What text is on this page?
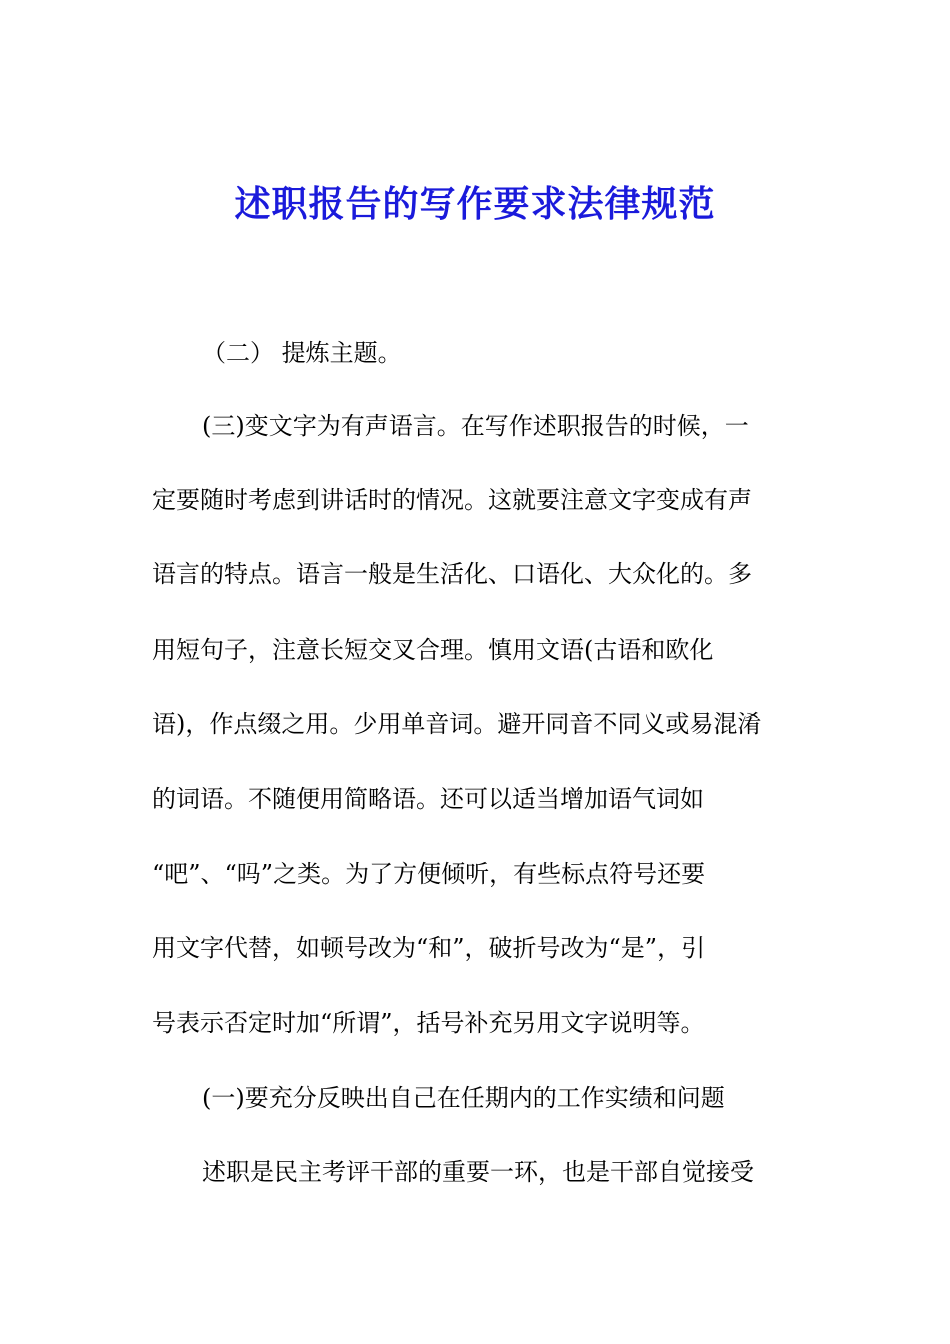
述职报告的写作要求法律规范
（二） 提炼主题。
(三)变文字为有声语言。在写作述职报告的时候，一
定要随时考虑到讲话时的情况。这就要注意文字变成有声
语言的特点。语言一般是生活化、口语化、大众化的。多
用短句子，注意长短交叉合理。慎用文语(古语和欧化
语)，作点缀之用。少用单音词。避开同音不同义或易混淆
的词语。不随便用简略语。还可以适当增加语气词如
“吧”、“吗”之类。为了方便倾听，有些标点符号还要
用文字代替，如顿号改为“和”，破折号改为“是”，引
号表示否定时加“所谓”，括号补充另用文字说明等。
(一)要充分反映出自己在任期内的工作实绩和问题
述职是民主考评干部的重要一环，也是干部自觉接受
